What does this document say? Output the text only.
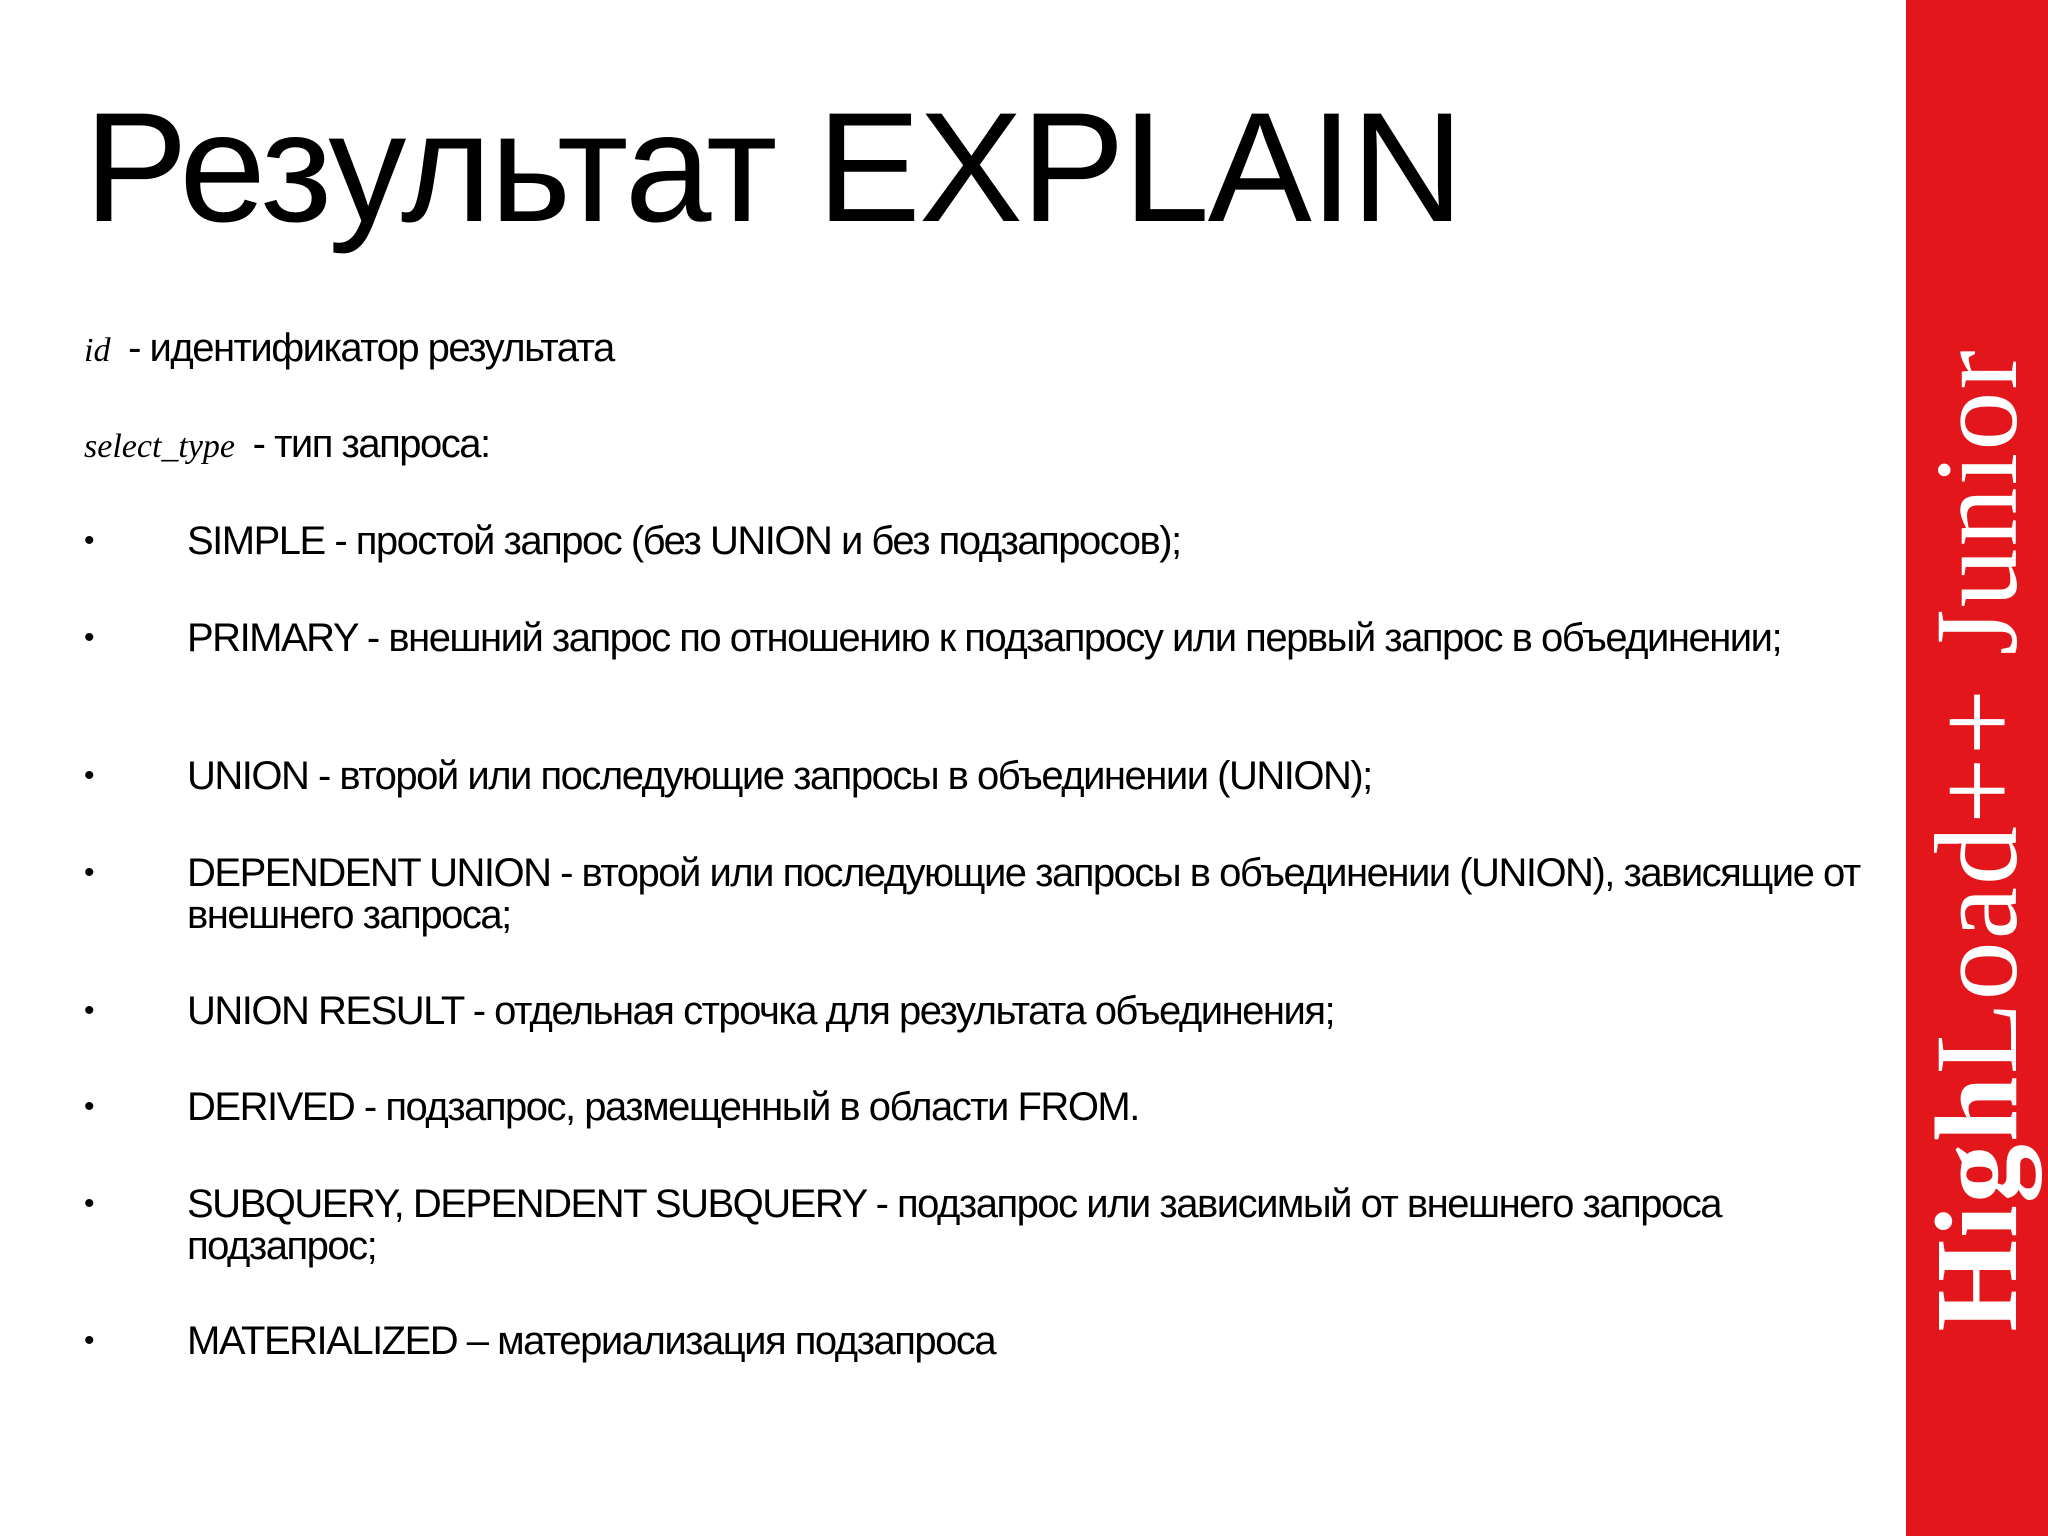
Результат EXPLAIN
id - идентификатор результата
select_type - тип запроса:
• SIMPLE - простой запрос (без UNION и без подзапросов);
• PRIMARY - внешний запрос по отношению к подзапросу или первый запрос в объединении;
• UNION - второй или последующие запросы в объединении (UNION);
• DEPENDENT UNION - второй или последующие запросы в объединении (UNION), зависящие от внешнего запроса;
• UNION RESULT - отдельная строчка для результата объединения;
• DERIVED - подзапрос, размещенный в области FROM.
• SUBQUERY, DEPENDENT SUBQUERY - подзапрос или зависимый от внешнего запроса подзапрос;
• MATERIALIZED – материализация подзапроса
HighLoad++ Junior
